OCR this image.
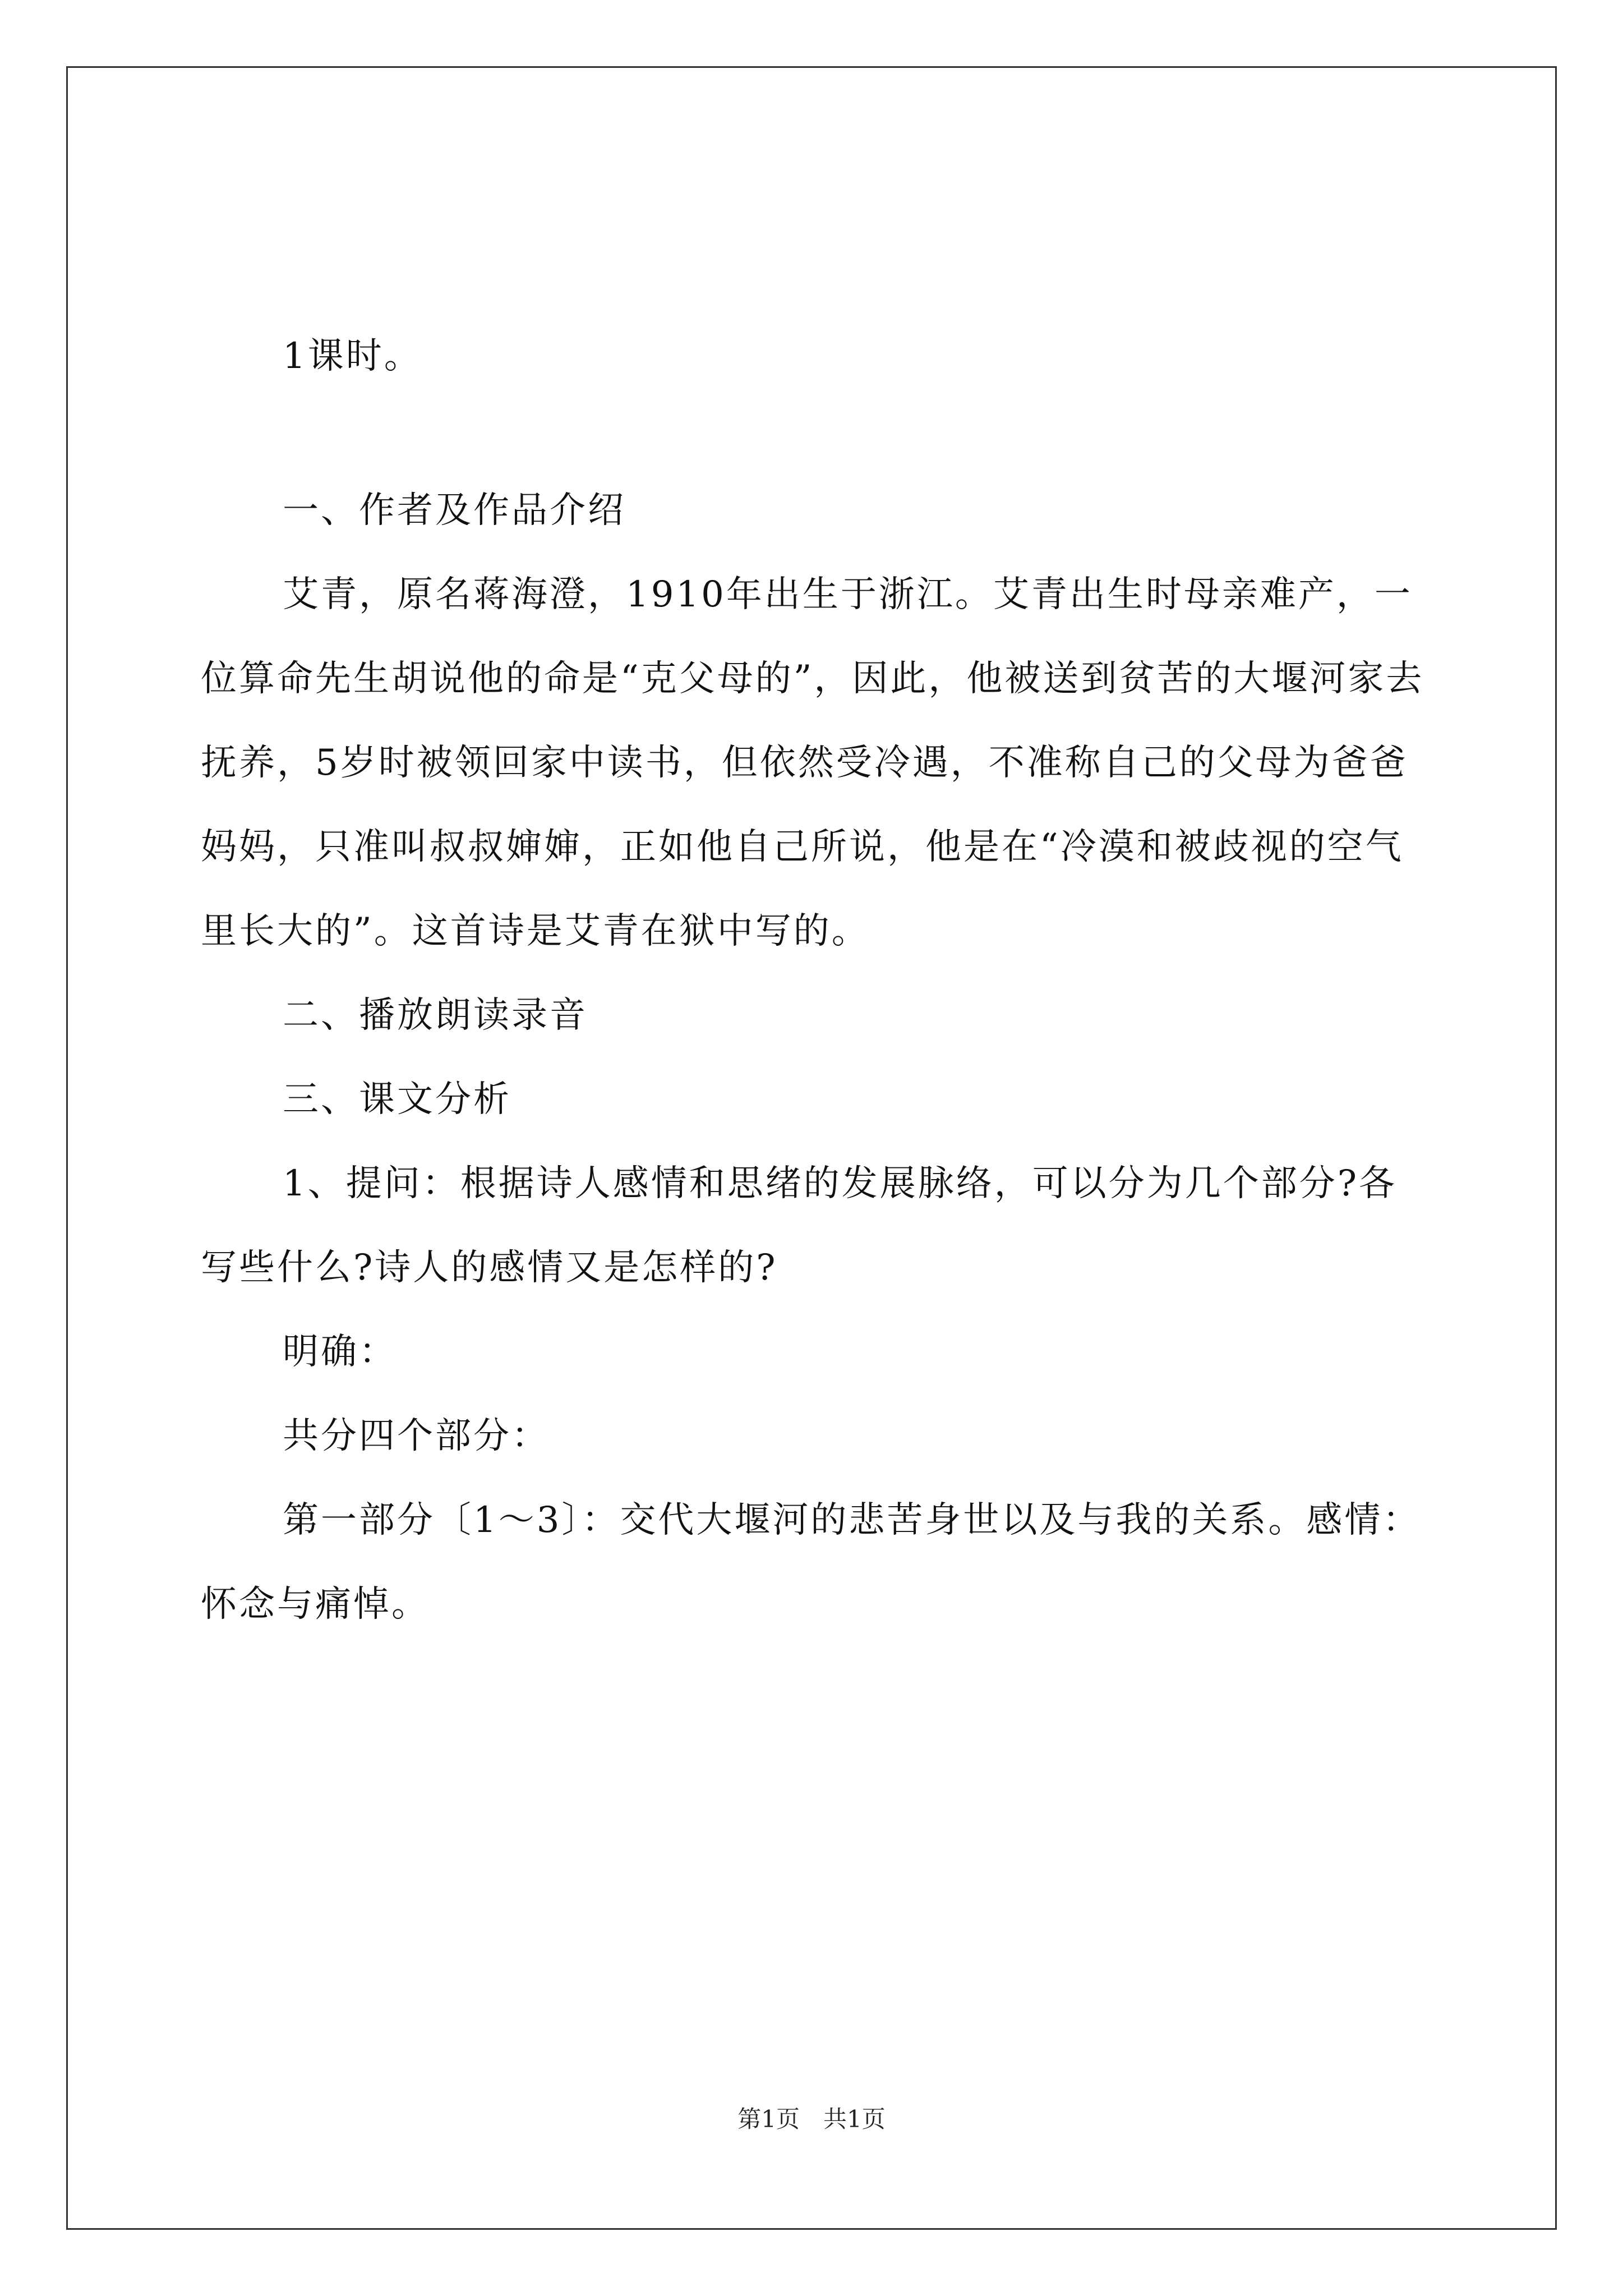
1课时。

一、作者及作品介绍

艾青，原名蒋海澄，1910年出生于浙江。艾青出生时母亲难产，一位算命先生胡说他的命是“克父母的”，因此，他被送到贫苦的大堰河家去抚养，5岁时被领回家中读书，但依然受冷遇，不准称自己的父母为爸爸妈妈，只准叫叔叔婶婶，正如他自己所说，他是在“冷漠和被歧视的空气里长大的”。这首诗是艾青在狱中写的。

二、播放朗读录音

三、课文分析

1、提问：根据诗人感情和思绪的发展脉络，可以分为几个部分?各写些什么?诗人的感情又是怎样的?

明确：

共分四个部分：

第一部分〔1～3〕：交代大堰河的悲苦身世以及与我的关系。感情：怀念与痛悼。

第1页　共1页
